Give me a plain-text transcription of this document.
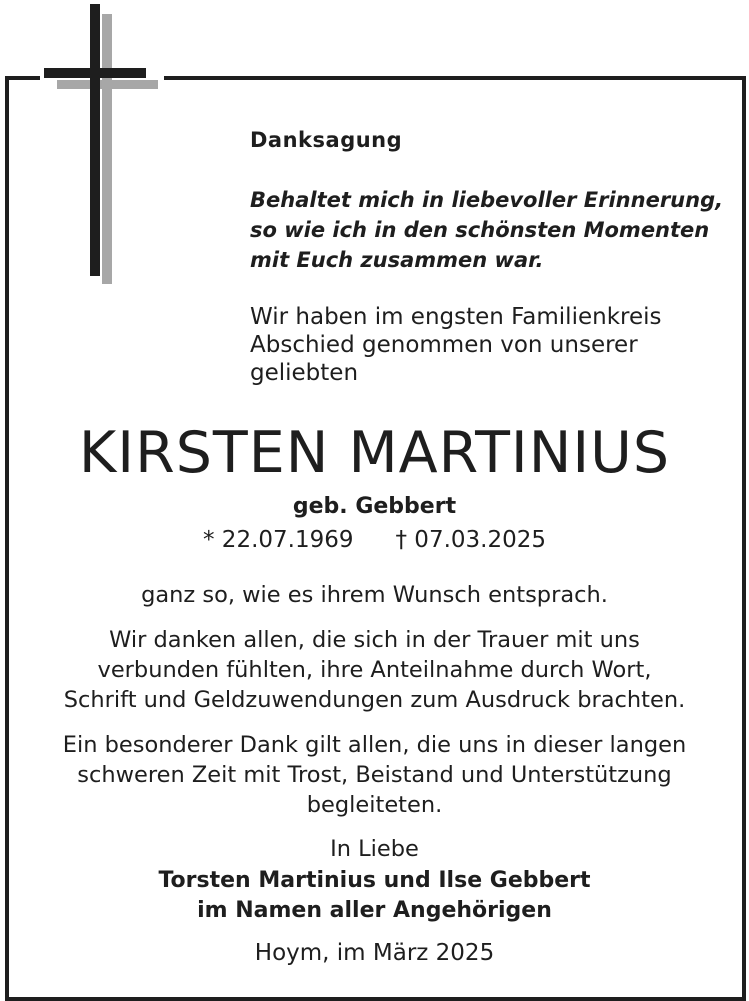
Danksagung
Behaltet mich in liebevoller Erinnerung,
so wie ich in den schönsten Momenten
mit Euch zusammen war.
Wir haben im engsten Familienkreis
Abschied genommen von unserer
geliebten
KIRSTEN MARTINIUS
geb. Gebbert
* 22.07.1969 † 07.03.2025
ganz so, wie es ihrem Wunsch entsprach.
Wir danken allen, die sich in der Trauer mit uns
verbunden fühlten, ihre Anteilnahme durch Wort,
Schrift und Geldzuwendungen zum Ausdruck brachten.
Ein besonderer Dank gilt allen, die uns in dieser langen
schweren Zeit mit Trost, Beistand und Unterstützung
begleiteten.
In Liebe
Torsten Martinius und Ilse Gebbert
im Namen aller Angehörigen
Hoym, im März 2025
